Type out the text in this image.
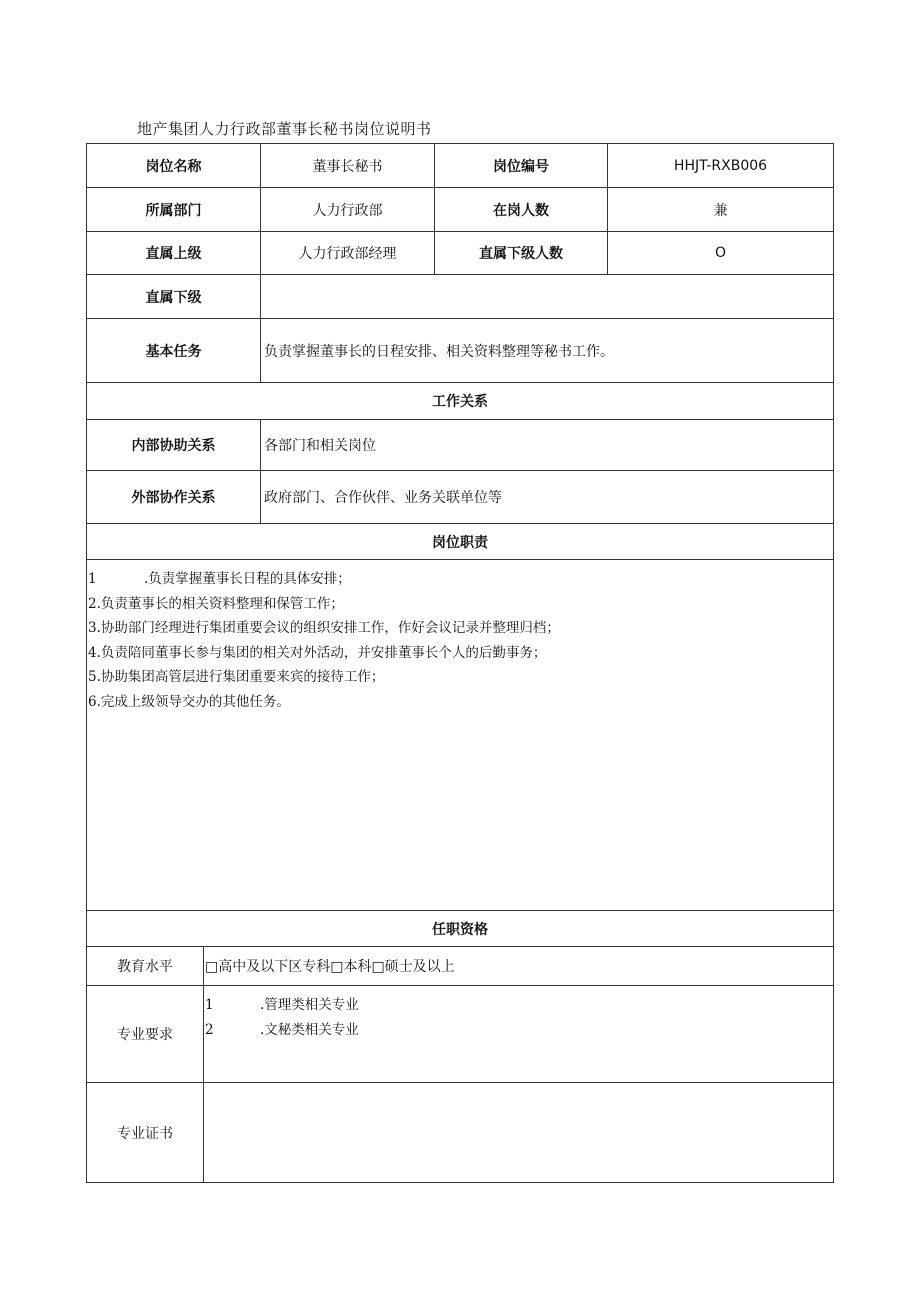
地产集团人力行政部董事长秘书岗位说明书
岗位名称	董事长秘书	岗位编号	HHJT-RXB006
所属部门	人力行政部	在岗人数	兼
直属上级	人力行政部经理	直属下级人数	O
直属下级
基本任务	负责掌握董事长的日程安排、相关资料整理等秘书工作。
工作关系
内部协助关系	各部门和相关岗位
外部协作关系	政府部门、合作伙伴、业务关联单位等
岗位职责
1	.负责掌握董事长日程的具体安排；
2.负责董事长的相关资料整理和保管工作；
3.协助部门经理进行集团重要会议的组织安排工作，作好会议记录并整理归档；
4.负责陪同董事长参与集团的相关对外活动，并安排董事长个人的后勤事务；
5.协助集团高管层进行集团重要来宾的接待工作；
6.完成上级领导交办的其他任务。
任职资格
教育水平	□高中及以下区专科□本科□硕士及以上
专业要求
1	.管理类相关专业
2	.文秘类相关专业
专业证书
